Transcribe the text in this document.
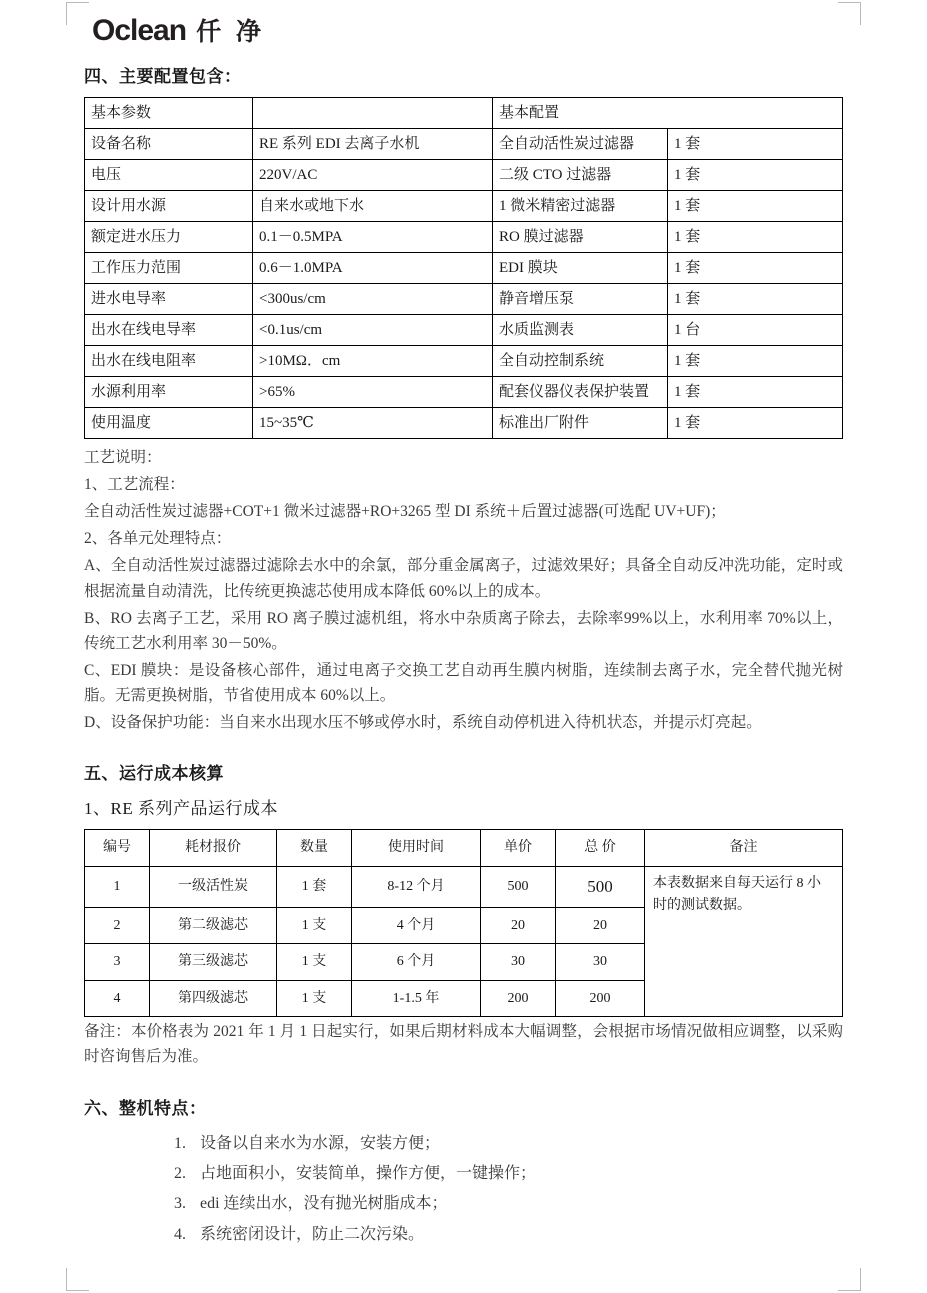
Oclean 仟 净
四、主要配置包含：
基本参数		基本配置	
设备名称	RE 系列 EDI 去离子水机	全自动活性炭过滤器	1 套
电压	220V/AC	二级 CTO 过滤器	1 套
设计用水源	自来水或地下水	1 微米精密过滤器	1 套
额定进水压力	0.1－0.5MPA	RO 膜过滤器	1 套
工作压力范围	0.6－1.0MPA	EDI 膜块	1 套
进水电导率	<300us/cm	静音增压泵	1 套
出水在线电导率	<0.1us/cm	水质监测表	1 台
出水在线电阻率	>10MΩ．cm	全自动控制系统	1 套
水源利用率	>65%	配套仪器仪表保护装置	1 套
使用温度	15~35℃	标准出厂附件	1 套

工艺说明：

1、工艺流程：

全自动活性炭过滤器+COT+1 微米过滤器+RO+3265 型 DI 系统＋后置过滤器(可选配 UV+UF)；

2、各单元处理特点：

A、全自动活性炭过滤器过滤除去水中的余氯，部分重金属离子，过滤效果好；具备全自动反冲洗功能，定时或根据流量自动清洗，比传统更换滤芯使用成本降低 60%以上的成本。

B、RO 去离子工艺，采用 RO 离子膜过滤机组，将水中杂质离子除去，去除率99%以上，水利用率 70%以上，传统工艺水利用率 30－50%。

C、EDI 膜块：是设备核心部件，通过电离子交换工艺自动再生膜内树脂，连续制去离子水，完全替代抛光树脂。无需更换树脂，节省使用成本 60%以上。

D、设备保护功能：当自来水出现水压不够或停水时，系统自动停机进入待机状态，并提示灯亮起。

五、运行成本核算
1、RE 系列产品运行成本
编号	耗材报价	数量	使用时间	单价	总 价	备注
1	一级活性炭	1 套	8-12 个月	500	500	本表数据来自每天运行 8 小时的测试数据。
2	第二级滤芯	1 支	4 个月	20	20	
3	第三级滤芯	1 支	6 个月	30	30	
4	第四级滤芯	1 支	1-1.5 年	200	200	

备注：本价格表为 2021 年 1 月 1 日起实行，如果后期材料成本大幅调整，会根据市场情况做相应调整，以采购时咨询售后为准。

六、整机特点：
1. 设备以自来水为水源，安装方便；
2. 占地面积小，安装简单，操作方便，一键操作；
3. edi 连续出水，没有抛光树脂成本；
4. 系统密闭设计，防止二次污染。
